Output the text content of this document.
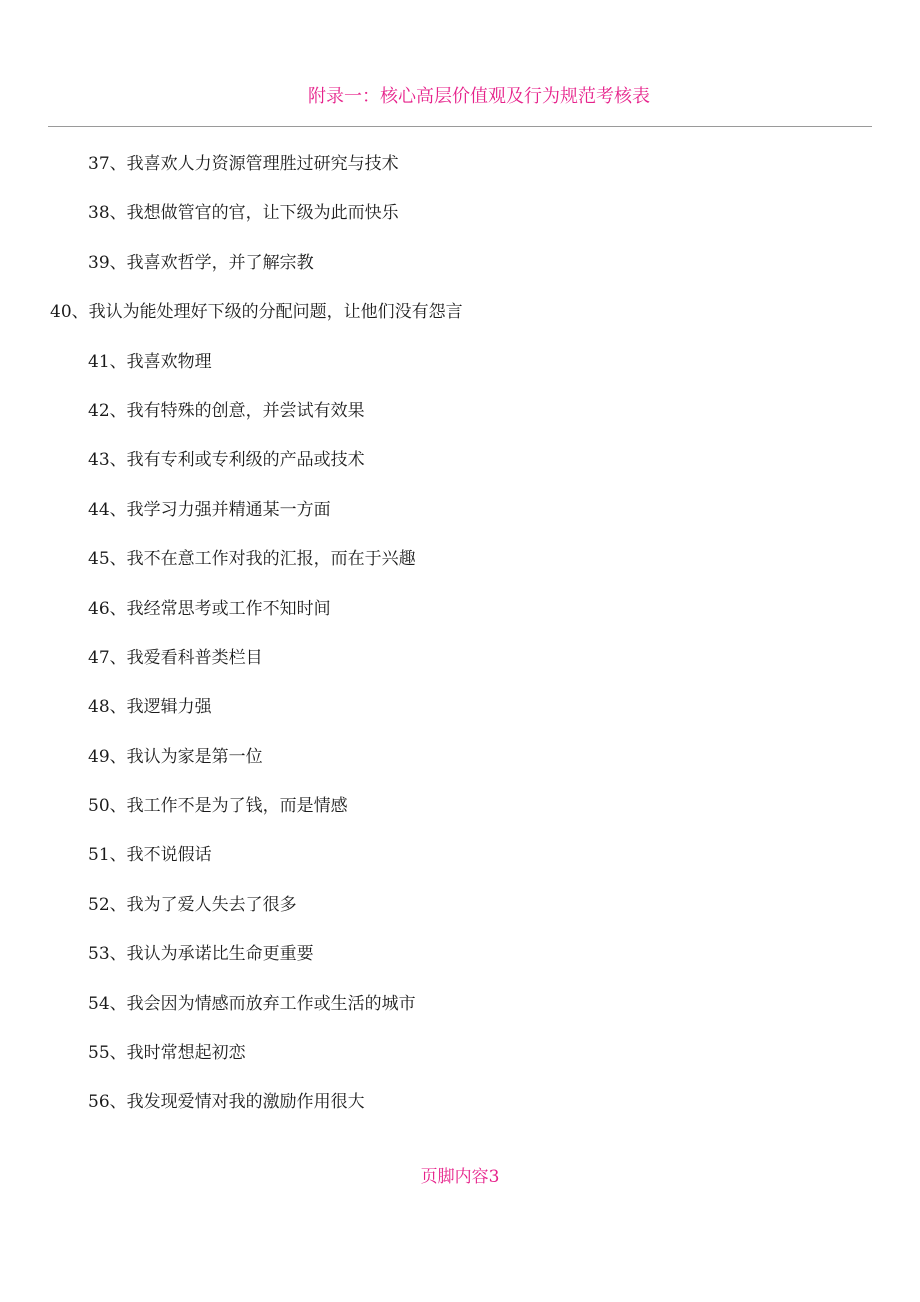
附录一：核心高层价值观及行为规范考核表
37、我喜欢人力资源管理胜过研究与技术
38、我想做管官的官，让下级为此而快乐
39、我喜欢哲学，并了解宗教
40、我认为能处理好下级的分配问题，让他们没有怨言
41、我喜欢物理
42、我有特殊的创意，并尝试有效果
43、我有专利或专利级的产品或技术
44、我学习力强并精通某一方面
45、我不在意工作对我的汇报，而在于兴趣
46、我经常思考或工作不知时间
47、我爱看科普类栏目
48、我逻辑力强
49、我认为家是第一位
50、我工作不是为了钱，而是情感
51、我不说假话
52、我为了爱人失去了很多
53、我认为承诺比生命更重要
54、我会因为情感而放弃工作或生活的城市
55、我时常想起初恋
56、我发现爱情对我的激励作用很大
页脚内容3
